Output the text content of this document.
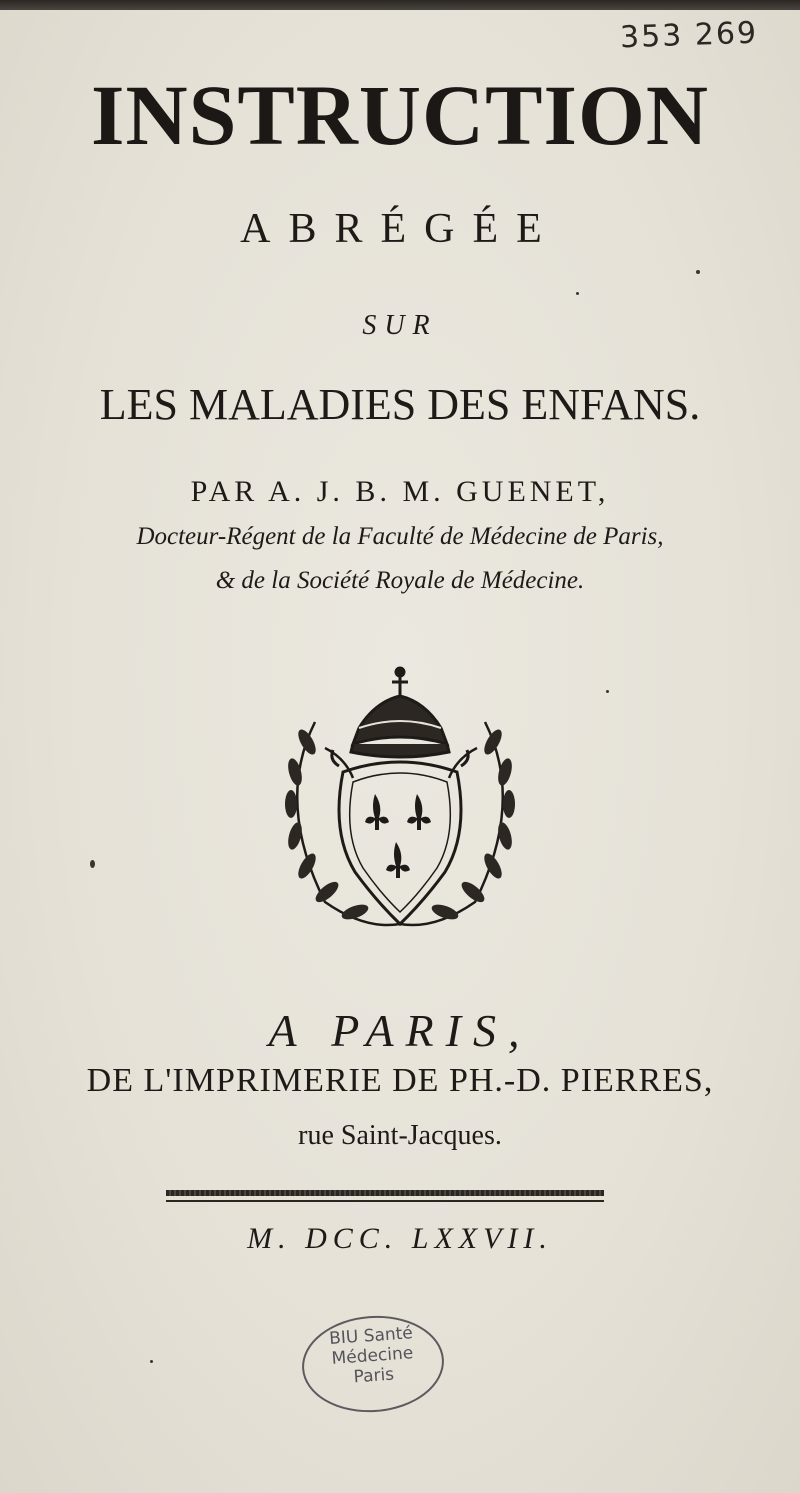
353 269
INSTRUCTION
ABRÉGÉE
SUR
LES MALADIES DES ENFANS.
PAR A. J. B. M. GUENET,
Docteur-Régent de la Faculté de Médecine de Paris,
& de la Société Royale de Médecine.
A PARIS,
DE L'IMPRIMERIE DE PH.-D. PIERRES,
rue Saint-Jacques.
M. DCC. LXXVII.
BIU Santé
Médecine
Paris
